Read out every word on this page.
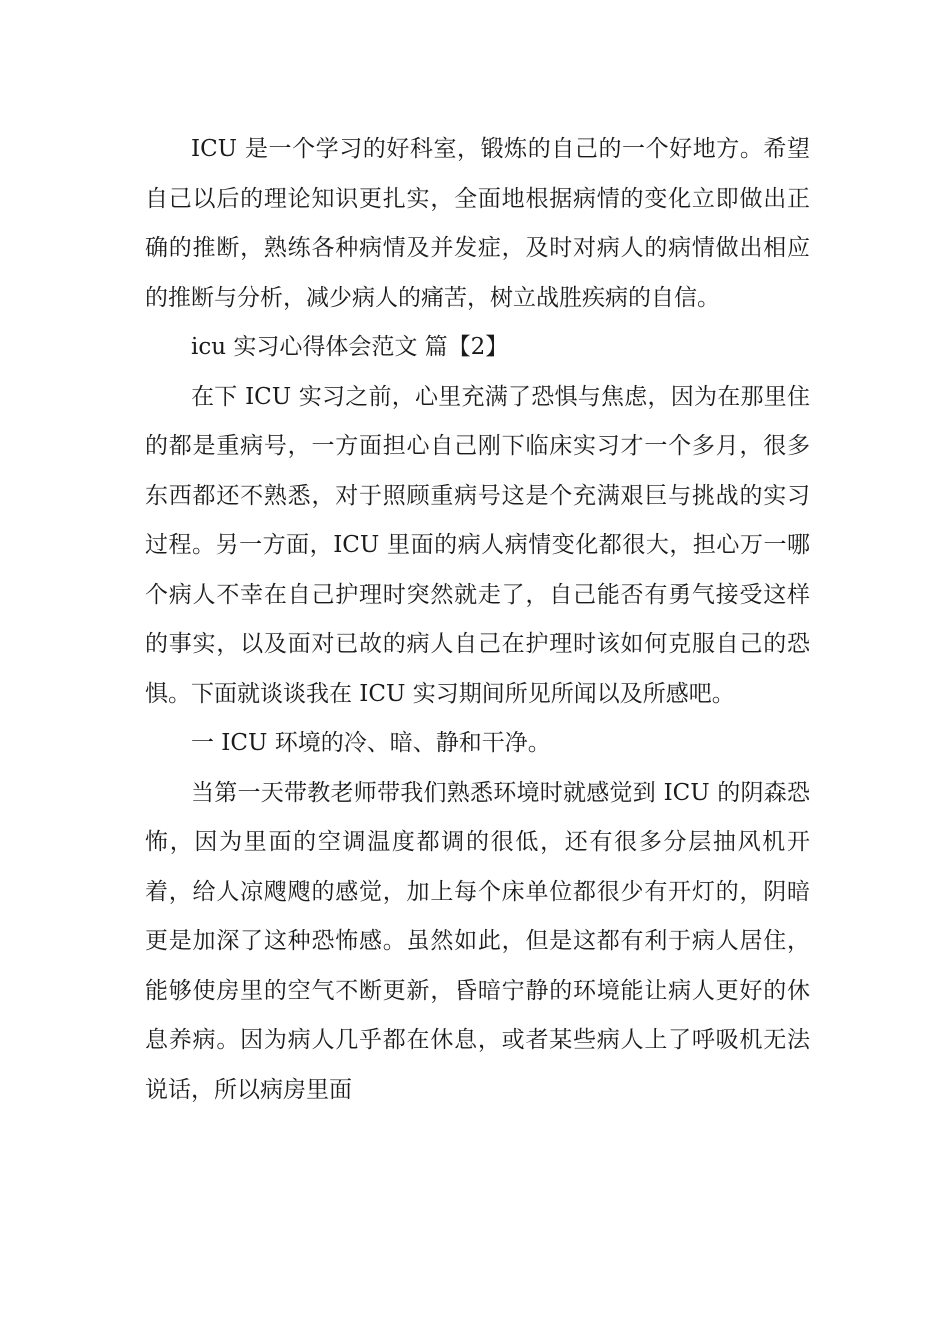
ICU 是一个学习的好科室，锻炼的自己的一个好地方。希望自己以后的理论知识更扎实，全面地根据病情的变化立即做出正确的推断，熟练各种病情及并发症，及时对病人的病情做出相应的推断与分析，减少病人的痛苦，树立战胜疾病的自信。

icu 实习心得体会范文 篇【2】

在下 ICU 实习之前，心里充满了恐惧与焦虑，因为在那里住的都是重病号，一方面担心自己刚下临床实习才一个多月，很多东西都还不熟悉，对于照顾重病号这是个充满艰巨与挑战的实习过程。另一方面，ICU 里面的病人病情变化都很大，担心万一哪个病人不幸在自己护理时突然就走了，自己能否有勇气接受这样的事实，以及面对已故的病人自己在护理时该如何克服自己的恐惧。下面就谈谈我在 ICU 实习期间所见所闻以及所感吧。

一 ICU 环境的冷、暗、静和干净。

当第一天带教老师带我们熟悉环境时就感觉到 ICU 的阴森恐怖，因为里面的空调温度都调的很低，还有很多分层抽风机开着，给人凉飕飕的感觉，加上每个床单位都很少有开灯的，阴暗更是加深了这种恐怖感。虽然如此，但是这都有利于病人居住，能够使房里的空气不断更新，昏暗宁静的环境能让病人更好的休息养病。因为病人几乎都在休息，或者某些病人上了呼吸机无法说话，所以病房里面
